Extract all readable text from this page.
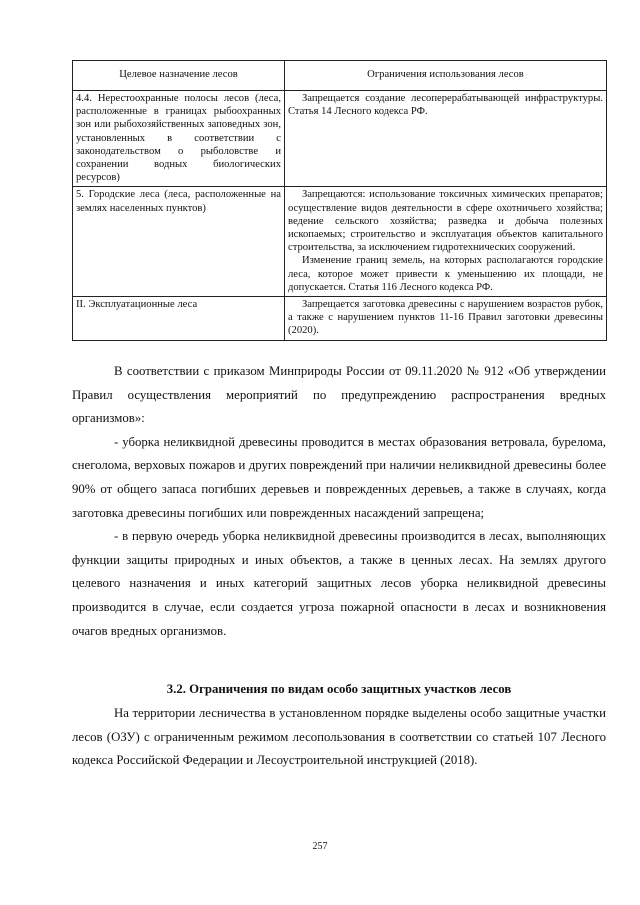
Целевое назначение лесов	Ограничения использования лесов

4.4. Нерестоохранные полосы лесов (леса, расположенные в границах рыбоохранных зон или рыбохозяйственных заповедных зон, установленных в соответствии с законодательством о рыболовстве и сохранении водных биологических ресурсов)	Запрещается создание лесоперерабатывающей инфраструктуры. Статья 14 Лесного кодекса РФ.

5. Городские леса (леса, расположенные на землях населенных пунктов)	Запрещаются: использование токсичных химических препаратов; осуществление видов деятельности в сфере охотничьего хозяйства; ведение сельского хозяйства; разведка и добыча полезных ископаемых; строительство и эксплуатация объектов капитального строительства, за исключением гидротехнических сооружений.

Изменение границ земель, на которых располагаются городские леса, которое может привести к уменьшению их площади, не допускается. Статья 116 Лесного кодекса РФ.

II. Эксплуатационные леса	Запрещается заготовка древесины с нарушением возрастов рубок, а также с нарушением пунктов 11-16 Правил заготовки древесины (2020).

В соответствии с приказом Минприроды России от 09.11.2020 № 912 «Об утверждении Правил осуществления мероприятий по предупреждению распространения вредных организмов»:

- уборка неликвидной древесины проводится в местах образования ветровала, бурелома, снеголома, верховых пожаров и других повреждений при наличии неликвидной древесины более 90% от общего запаса погибших деревьев и поврежденных деревьев, а также в случаях, когда заготовка древесины погибших или поврежденных насаждений запрещена;

- в первую очередь уборка неликвидной древесины производится в лесах, выполняющих функции защиты природных и иных объектов, а также в ценных лесах. На землях другого целевого назначения и иных категорий защитных лесов уборка неликвидной древесины производится в случае, если создается угроза пожарной опасности в лесах и возникновения очагов вредных организмов.

3.2. Ограничения по видам особо защитных участков лесов

На территории лесничества в установленном порядке выделены особо защитные участки лесов (ОЗУ) с ограниченным режимом лесопользования в соответствии со статьей 107 Лесного кодекса Российской Федерации и Лесоустроительной инструкцией (2018).

257
